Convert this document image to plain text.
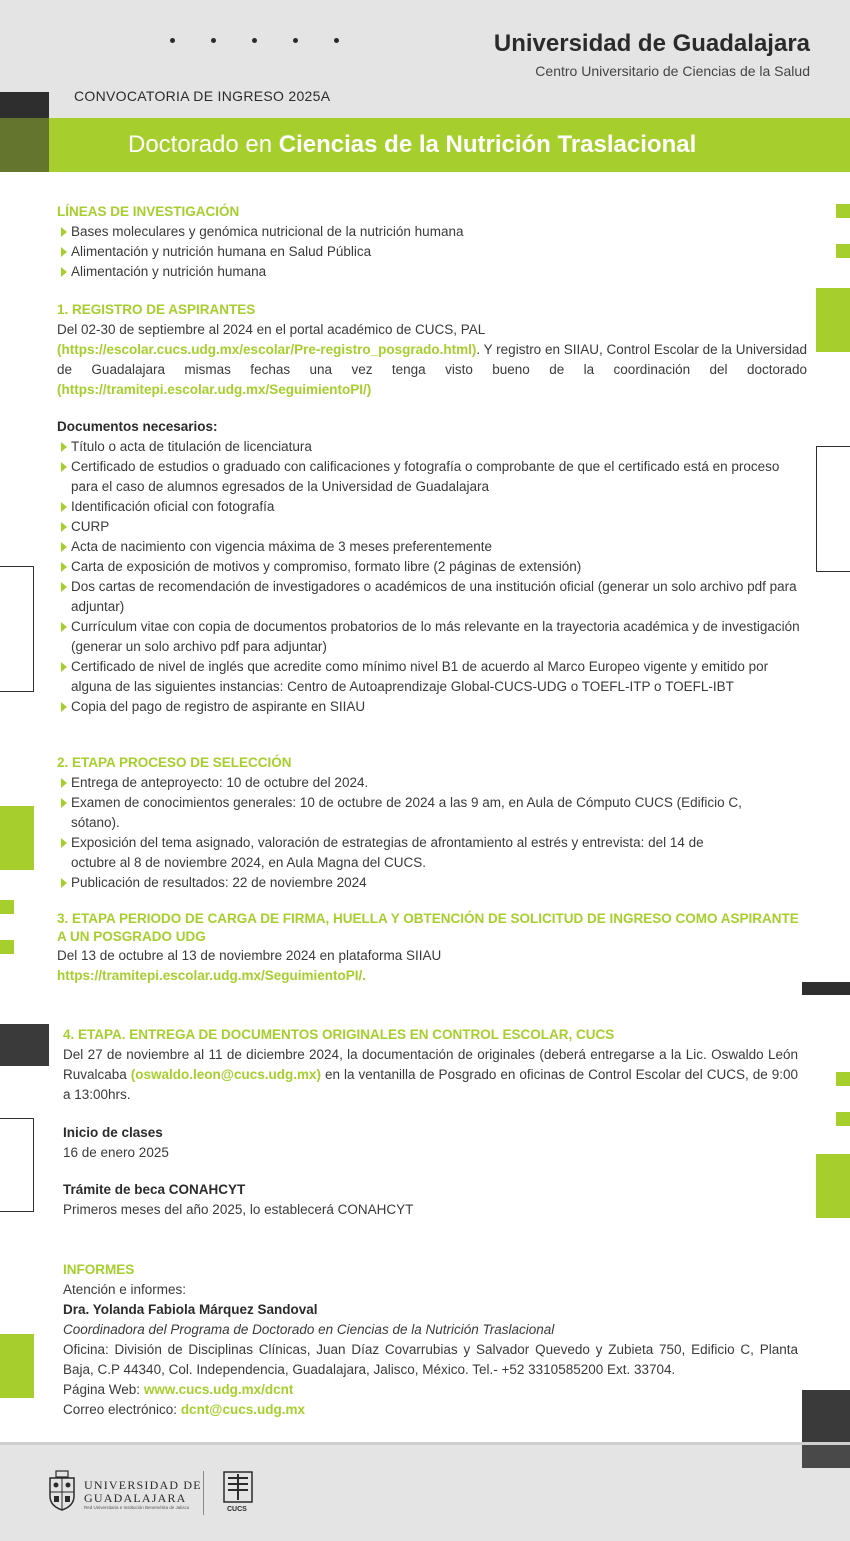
Universidad de Guadalajara
Centro Universitario de Ciencias de la Salud
CONVOCATORIA DE INGRESO 2025A
Doctorado en Ciencias de la Nutrición Traslacional

LÍNEAS DE INVESTIGACIÓN

Bases moleculares y genómica nutricional de la nutrición humana

Alimentación y nutrición humana en Salud Pública

Alimentación y nutrición humana

1. REGISTRO DE ASPIRANTES

Del 02-30 de septiembre al 2024 en el portal académico de CUCS, PAL
(https://escolar.cucs.udg.mx/escolar/Pre-registro_posgrado.html). Y registro en SIIAU, Control Escolar de la Universidad de Guadalajara mismas fechas una vez tenga visto bueno de la coordinación del doctorado (https://tramitepi.escolar.udg.mx/SeguimientoPI/)

Documentos necesarios:

Título o acta de titulación de licenciatura

Certificado de estudios o graduado con calificaciones y fotografía o comprobante de que el certificado está en proceso para el caso de alumnos egresados de la Universidad de Guadalajara

Identificación oficial con fotografía

CURP

Acta de nacimiento con vigencia máxima de 3 meses preferentemente

Carta de exposición de motivos y compromiso, formato libre (2 páginas de extensión)

Dos cartas de recomendación de investigadores o académicos de una institución oficial (generar un solo archivo pdf para adjuntar)

Currículum vitae con copia de documentos probatorios de lo más relevante en la trayectoria académica y de investigación (generar un solo archivo pdf para adjuntar)

Certificado de nivel de inglés que acredite como mínimo nivel B1 de acuerdo al Marco Europeo vigente y emitido por alguna de las siguientes instancias: Centro de Autoaprendizaje Global-CUCS-UDG o TOEFL-ITP o TOEFL-IBT

Copia del pago de registro de aspirante en SIIAU

2. ETAPA PROCESO DE SELECCIÓN

Entrega de anteproyecto: 10 de octubre del 2024.

Examen de conocimientos generales: 10 de octubre de 2024 a las 9 am, en Aula de Cómputo CUCS (Edificio C, sótano).

Exposición del tema asignado, valoración de estrategias de afrontamiento al estrés y entrevista: del 14 de octubre al 8 de noviembre 2024, en Aula Magna del CUCS.

Publicación de resultados: 22 de noviembre 2024

3. ETAPA PERIODO DE CARGA DE FIRMA, HUELLA Y OBTENCIÓN DE SOLICITUD DE INGRESO COMO ASPIRANTE A UN POSGRADO UDG

Del 13 de octubre al 13 de noviembre 2024 en plataforma SIIAU

https://tramitepi.escolar.udg.mx/SeguimientoPI/.

4. ETAPA. ENTREGA DE DOCUMENTOS ORIGINALES EN CONTROL ESCOLAR, CUCS

Del 27 de noviembre al 11 de diciembre 2024, la documentación de originales (deberá entregarse a la Lic. Oswaldo León Ruvalcaba (oswaldo.leon@cucs.udg.mx) en la ventanilla de Posgrado en oficinas de Control Escolar del CUCS, de 9:00 a 13:00hrs.

Inicio de clases

16 de enero 2025

Trámite de beca CONAHCYT

Primeros meses del año 2025, lo establecerá CONAHCYT

INFORMES

Atención e informes:

Dra. Yolanda Fabiola Márquez Sandoval

Coordinadora del Programa de Doctorado en Ciencias de la Nutrición Traslacional

Oficina: División de Disciplinas Clínicas, Juan Díaz Covarrubias y Salvador Quevedo y Zubieta 750, Edificio C, Planta Baja, C.P 44340, Col. Independencia, Guadalajara, Jalisco, México. Tel.- +52 3310585200 Ext. 33704.

Página Web: www.cucs.udg.mx/dcnt

Correo electrónico: dcnt@cucs.udg.mx

UNIVERSIDAD DE
GUADALAJARA
Red Universitaria e Institución Benemérita de Jalisco	CUCS
